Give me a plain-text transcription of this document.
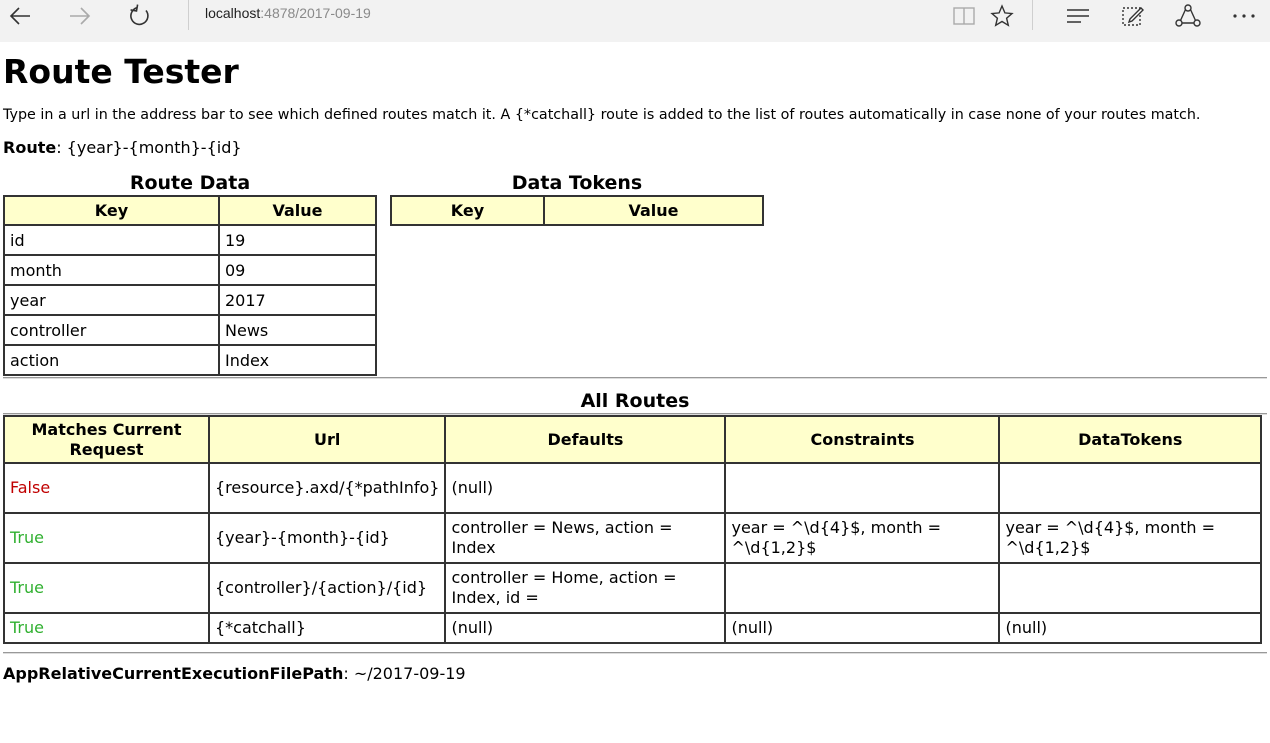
localhost:4878/2017-09-19
Route Tester

Type in a url in the address bar to see which defined routes match it. A {*catchall} route is added to the list of routes automatically in case none of your routes match.

Route: {year}-{month}-{id}
Route Data
Key	Value
id	19
month	09
year	2017
controller	News
action	Index
Data Tokens
Key	Value
All Routes
Matches Current Request	Url	Defaults	Constraints	DataTokens
False	{resource}.axd/{*pathInfo}	(null)		
True	{year}-{month}-{id}	controller = News, action = Index	year = ^\d{4}$, month = ^\d{1,2}$	year = ^\d{4}$, month = ^\d{1,2}$
True	{controller}/{action}/{id}	controller = Home, action = Index, id =		
True	{*catchall}	(null)	(null)	(null)
AppRelativeCurrentExecutionFilePath: ~/2017-09-19
